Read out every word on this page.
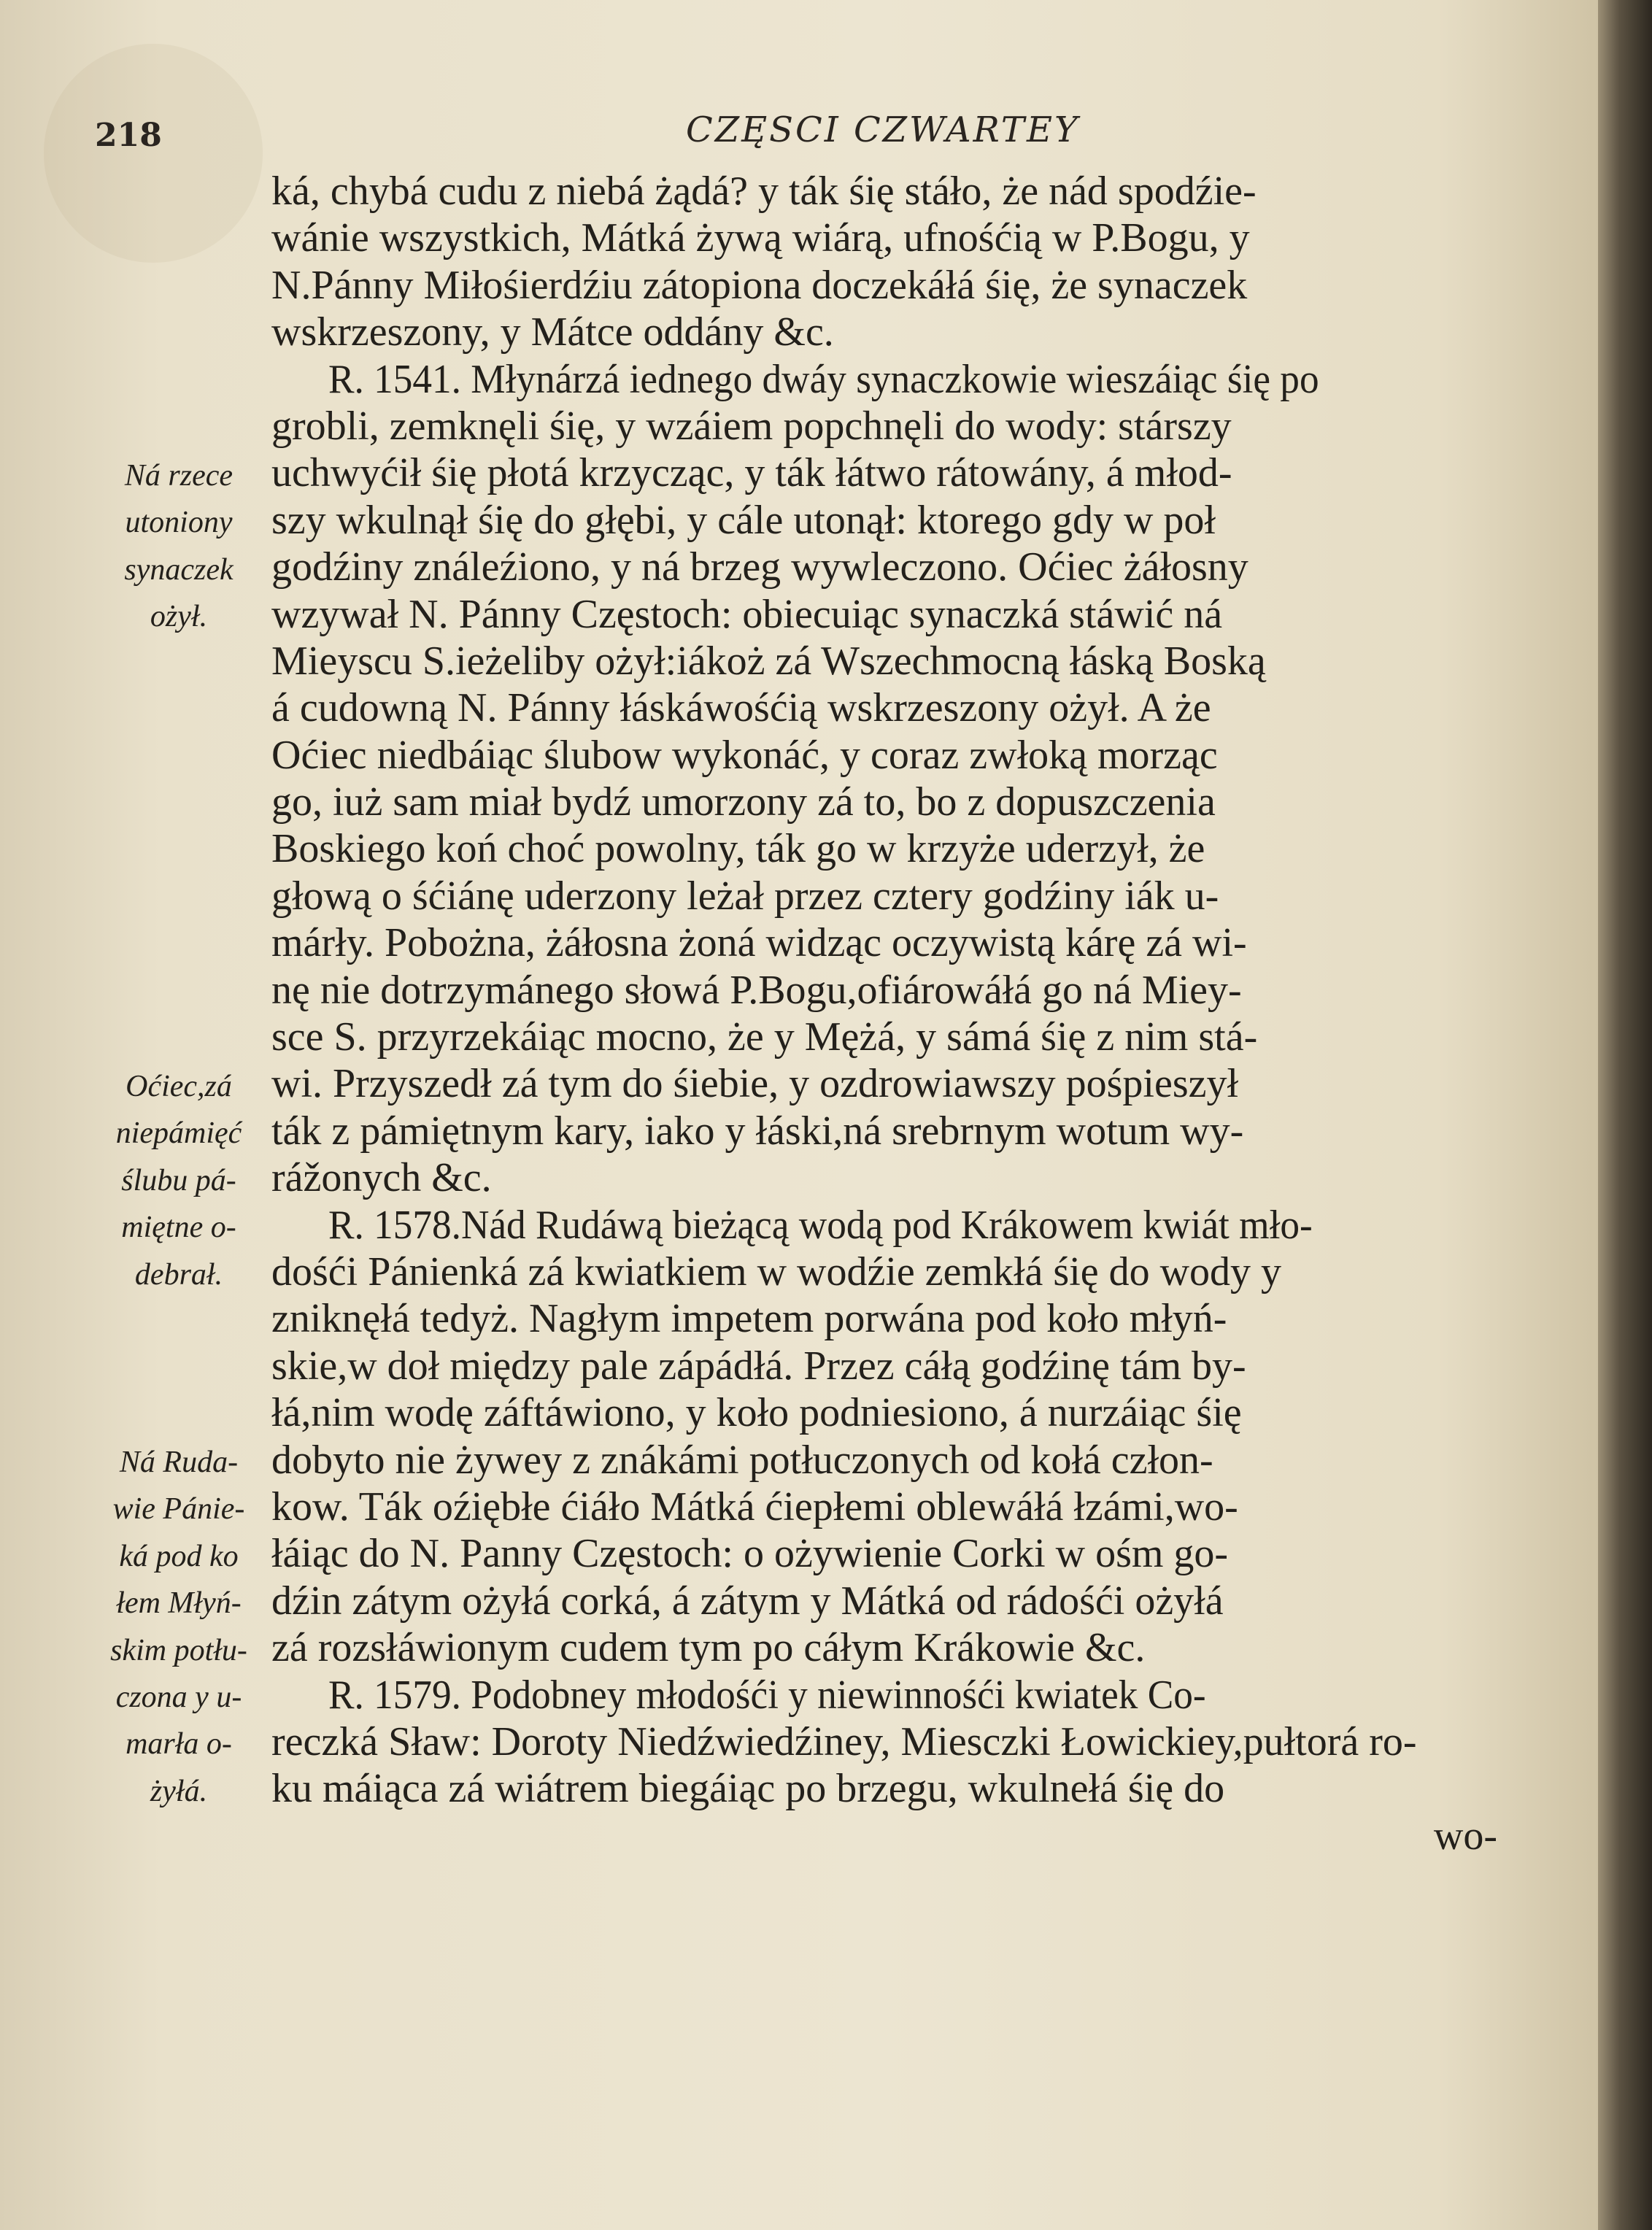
218	CZĘSCI CZWARTEY
ká, chybá cudu z niebá żądá? y ták śię stáło, że nád spodźie-
wánie wszystkich, Mátká żywą wiárą, ufnośćią w P.Bogu, y
N.Pánny Miłośierdźiu zátopiona doczekáłá śię, że synaczek
wskrzeszony, y Mátce oddány &c.
R. 1541. Młynárzá iednego dwáy synaczkowie wieszáiąc śię po
grobli, zemknęli śię, y wzáiem popchnęli do wody: stárszy
uchwyćił śię płotá krzycząc, y ták łátwo rátowány, á młod-
szy wkulnął śię do głębi, y cále utonął: ktorego gdy w poł
godźiny ználeźiono, y ná brzeg wywleczono. Oćiec żáłosny
wzywał N. Pánny Częstoch: obiecuiąc synaczká stáwić ná
Mieyscu S.ieżeliby ożył:iákoż zá Wszechmocną łáską Boską
á cudowną N. Pánny łáskáwośćią wskrzeszony ożył. A że
Oćiec niedbáiąc ślubow wykonáć, y coraz zwłoką morząc
go, iuż sam miał bydź umorzony zá to, bo z dopuszczenia
Boskiego koń choć powolny, ták go w krzyże uderzył, że
głową o śćiánę uderzony leżał przez cztery godźiny iák u-
márły. Pobożna, żáłosna żoná widząc oczywistą kárę zá wi-
nę nie dotrzymánego słowá P.Bogu,ofiárowáłá go ná Miey-
sce S. przyrzekáiąc mocno, że y Mężá, y sámá śię z nim stá-
wi. Przyszedł zá tym do śiebie, y ozdrowiawszy pośpieszył
ták z pámiętnym kary, iako y łáski,ná srebrnym wotum wy-
rážonych &c.
R. 1578.Nád Rudáwą bieżącą wodą pod Krákowem kwiát mło-
dośći Pánienká zá kwiatkiem w wodźie zemkłá śię do wody y
zniknęłá tedyż. Nagłym impetem porwána pod koło młyń-
skie,w doł między pale zápádłá. Przez cáłą godźinę tám by-
łá,nim wodę záftáwiono, y koło podniesiono, á nurzáiąc śię
dobyto nie żywey z znákámi potłuczonych od kołá człon-
kow. Ták oźiębłe ćiáło Mátká ćiepłemi oblewáłá łzámi,wo-
łáiąc do N. Panny Częstoch: o ożywienie Corki w ośm go-
dźin zátym ożyłá corká, á zátym y Mátká od rádośći ożyłá
zá rozsłáwionym cudem tym po cáłym Krákowie &c.
R. 1579. Podobney młodośći y niewinnośći kwiatek Co-
reczká Sław: Doroty Niedźwiedźiney, Miesczki Łowickiey,pułtorá ro-
ku máiąca zá wiátrem biegáiąc po brzegu, wkulnełá śię do
wo-
Ná rzece
utoniony
synaczek
ożył.
Oćiec,zá
niepámięć
ślubu pá-
miętne o-
debrał.
Ná Ruda-
wie Pánie-
ká pod ko
łem Młyń-
skim potłu-
czona y u-
marła o-
żyłá.
